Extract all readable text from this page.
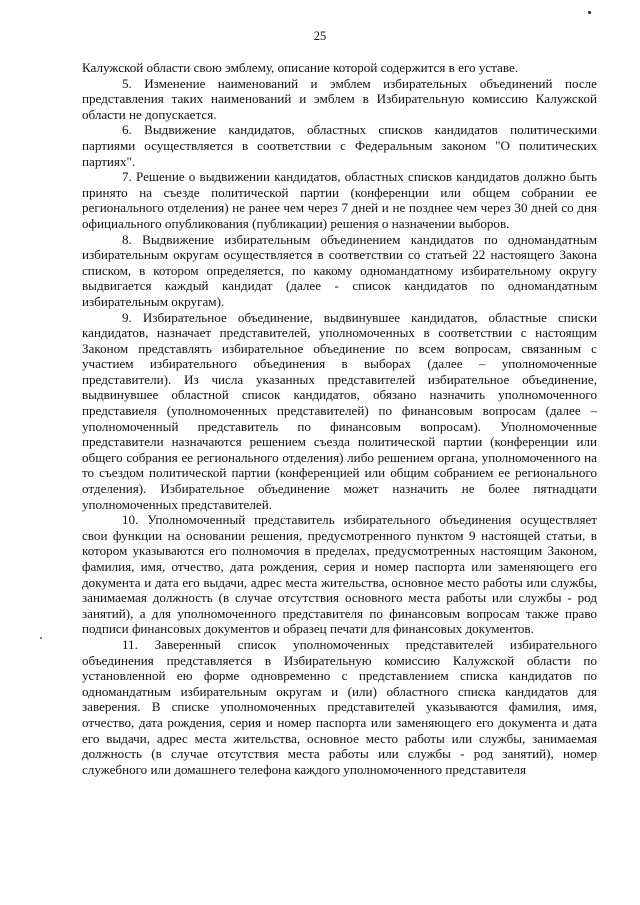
25

Калужской области свою эмблему, описание которой содержится в его уставе.

5. Изменение наименований и эмблем избирательных объединений после представления таких наименований и эмблем в Избирательную комиссию Калужской области не допускается.

6. Выдвижение кандидатов, областных списков кандидатов политическими партиями осуществляется в соответствии с Федеральным законом "О политических партиях".

7. Решение о выдвижении кандидатов, областных списков кандидатов должно быть принято на съезде политической партии (конференции или общем собрании ее регионального отделения) не ранее чем через 7 дней и не позднее чем через 30 дней со дня официального опубликования (публикации) решения о назначении выборов.

8. Выдвижение избирательным объединением кандидатов по одномандатным избирательным округам осуществляется в соответствии со статьей 22 настоящего Закона списком, в котором определяется, по какому одномандатному избирательному округу выдвигается каждый кандидат (далее - список кандидатов по одномандатным избирательным округам).

9. Избирательное объединение, выдвинувшее кандидатов, областные списки кандидатов, назначает представителей, уполномоченных в соответствии с настоящим Законом представлять избирательное объединение по всем вопросам, связанным с участием избирательного объединения в выборах (далее – уполномоченные представители). Из числа указанных представителей избирательное объединение, выдвинувшее областной список кандидатов, обязано назначить уполномоченного представиеля (уполномоченных представителей) по финансовым вопросам (далее – уполномоченный представитель по финансовым вопросам). Уполномоченные представители назначаются решением съезда политической партии (конференции или общего собрания ее регионального отделения) либо решением органа, уполномоченного на то съездом политической партии (конференцией или общим собранием ее регионального отделения). Избирательное объединение может назначить не более пятнадцати уполномоченных представителей.

10. Уполномоченный представитель избирательного объединения осуществляет свои функции на основании решения, предусмотренного пунктом 9 настоящей статьи, в котором указываются его полномочия в пределах, предусмотренных настоящим Законом, фамилия, имя, отчество, дата рождения, серия и номер паспорта или заменяющего его документа и дата его выдачи, адрес места жительства, основное место работы или службы, занимаемая должность (в случае отсутствия основного места работы или службы - род занятий), а для уполномоченного представителя по финансовым вопросам также право подписи финансовых документов и образец печати для финансовых документов.

11. Заверенный список уполномоченных представителей избирательного объединения представляется в Избирательную комиссию Калужской области по установленной ею форме одновременно с представлением списка кандидатов по одномандатным избирательным округам и (или) областного списка кандидатов для заверения. В списке уполномоченных представителей указываются фамилия, имя, отчество, дата рождения, серия и номер паспорта или заменяющего его документа и дата его выдачи, адрес места жительства, основное место работы или службы, занимаемая должность (в случае отсутствия места работы или службы - род занятий), номер служебного или домашнего телефона каждого уполномоченного представителя
